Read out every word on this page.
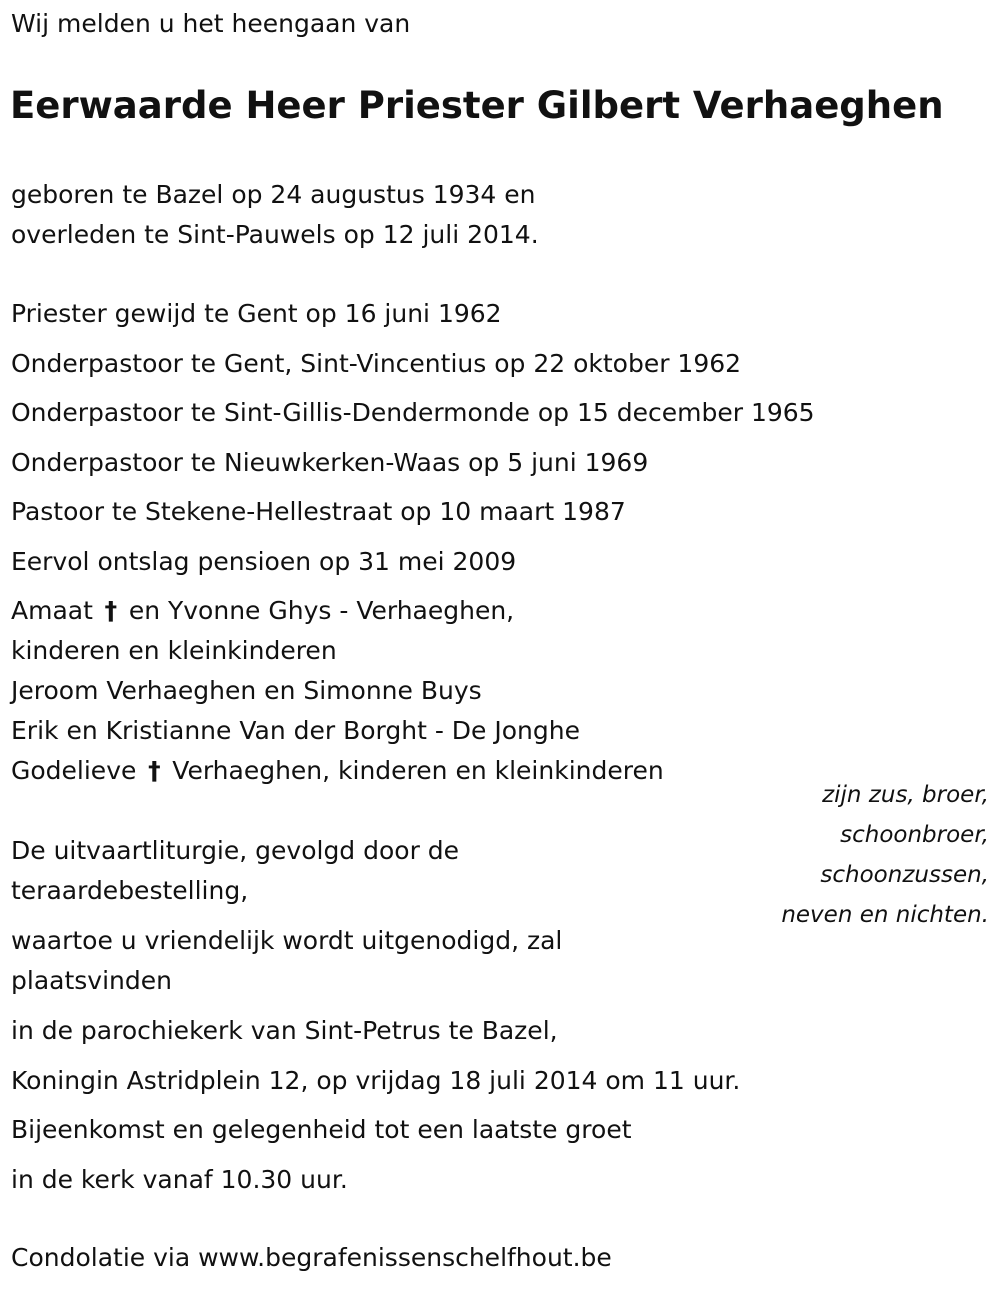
Wij melden u het heengaan van
Eerwaarde Heer Priester Gilbert Verhaeghen
geboren te Bazel op 24 augustus 1934 en
overleden te Sint-Pauwels op 12 juli 2014.
Priester gewijd te Gent op 16 juni 1962
Onderpastoor te Gent, Sint-Vincentius op 22 oktober 1962
Onderpastoor te Sint-Gillis-Dendermonde op 15 december 1965
Onderpastoor te Nieuwkerken-Waas op 5 juni 1969
Pastoor te Stekene-Hellestraat op 10 maart 1987
Eervol ontslag pensioen op 31 mei 2009
Amaat † en Yvonne Ghys - Verhaeghen,
kinderen en kleinkinderen
Jeroom Verhaeghen en Simonne Buys
Erik en Kristianne Van der Borght - De Jonghe
Godelieve † Verhaeghen, kinderen en kleinkinderen
zijn zus, broer,
schoonbroer,
schoonzussen,
neven en nichten.
De uitvaartliturgie, gevolgd door de
teraardebestelling,
waartoe u vriendelijk wordt uitgenodigd, zal
plaatsvinden
in de parochiekerk van Sint-Petrus te Bazel,
Koningin Astridplein 12, op vrijdag 18 juli 2014 om 11 uur.
Bijeenkomst en gelegenheid tot een laatste groet
in de kerk vanaf 10.30 uur.
Condolatie via www.begrafenissenschelfhout.be
